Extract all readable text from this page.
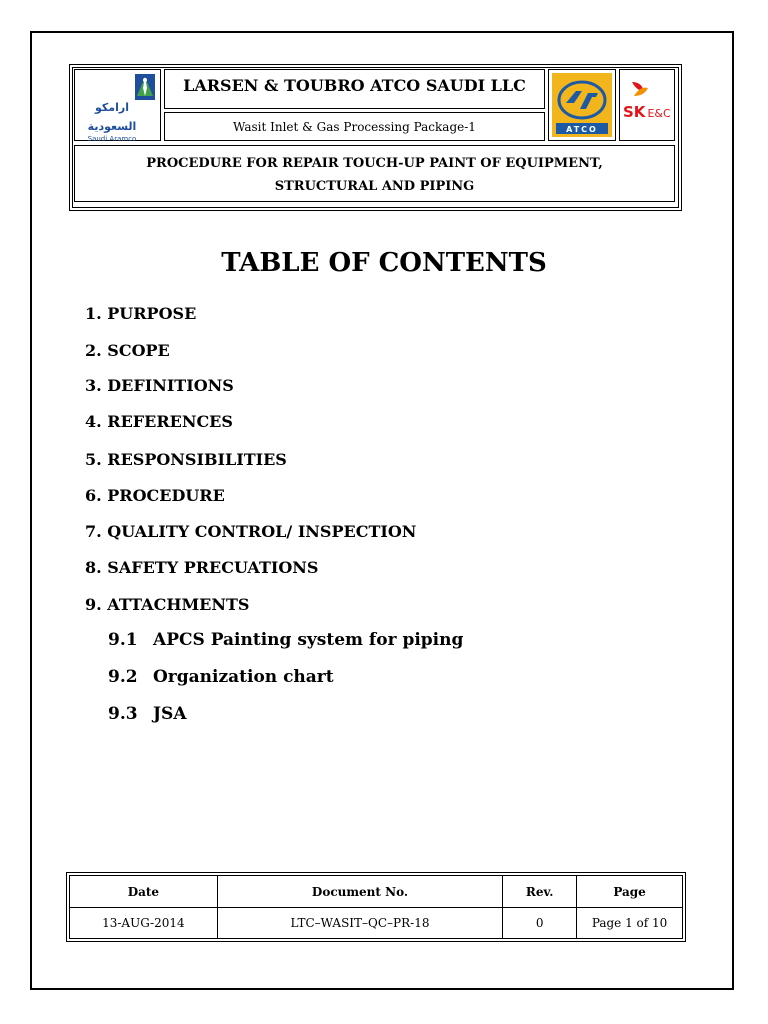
ارامكو السعودية
Saudi Aramco
LARSEN & TOUBRO ATCO SAUDI LLC
Wasit Inlet & Gas Processing Package-1	ATCO
SK E&C
PROCEDURE FOR REPAIR TOUCH-UP PAINT OF EQUIPMENT,
STRUCTURAL AND PIPING
TABLE OF CONTENTS
1. PURPOSE
2. SCOPE
3. DEFINITIONS
4. REFERENCES
5. RESPONSIBILITIES
6. PROCEDURE
7. QUALITY CONTROL/ INSPECTION
8. SAFETY PRECUATIONS
9. ATTACHMENTS
9.1 APCS Painting system for piping
9.2 Organization chart
9.3 JSA
Date	Document No.	Rev.	Page
13-AUG-2014	LTC–WASIT–QC–PR-18	0	Page 1 of 10
